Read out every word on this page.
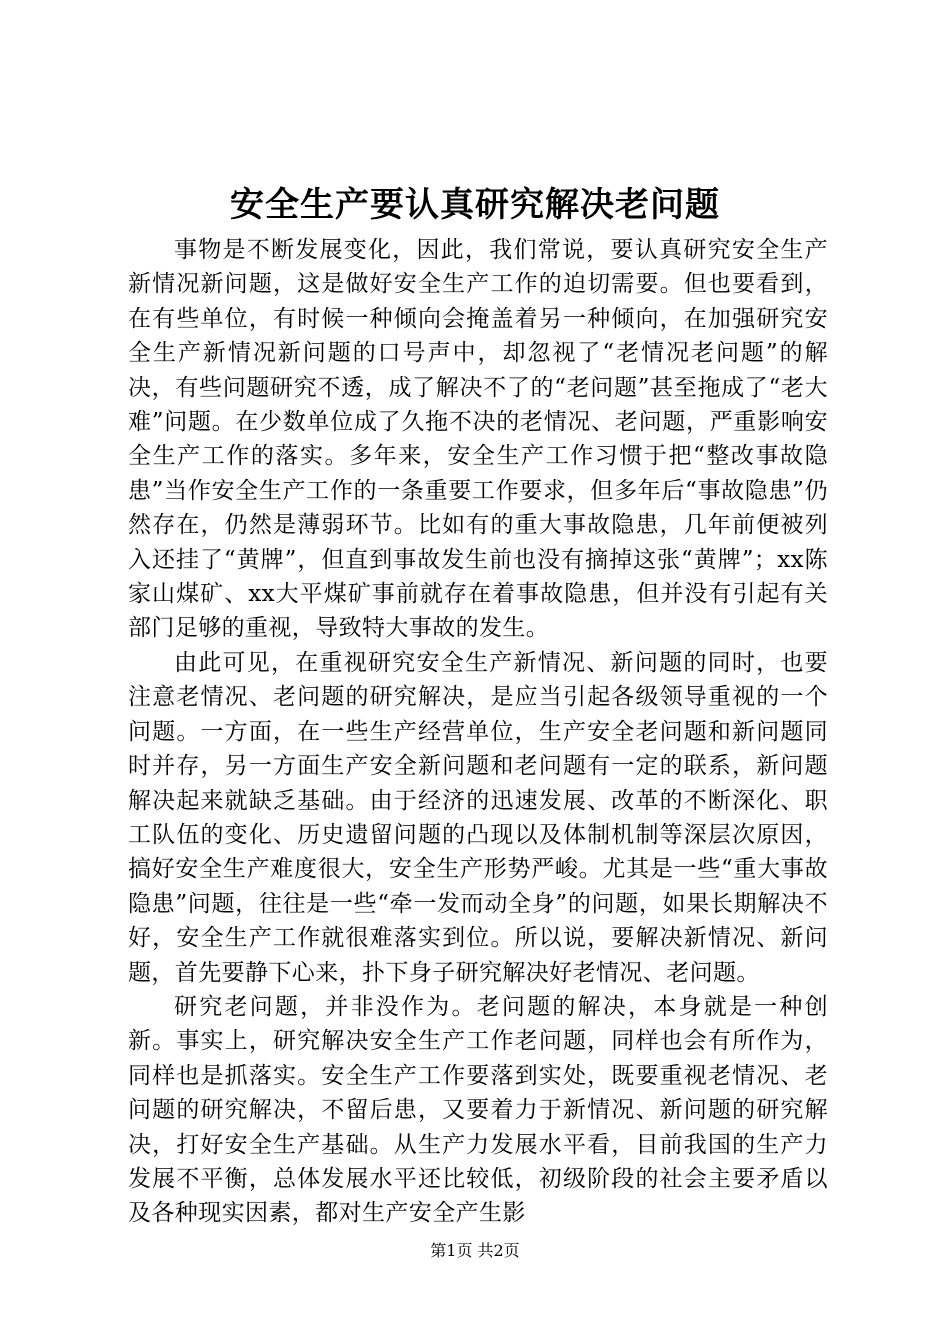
安全生产要认真研究解决老问题

事物是不断发展变化，因此，我们常说，要认真研究安全生产新情况新问题，这是做好安全生产工作的迫切需要。但也要看到，在有些单位，有时候一种倾向会掩盖着另一种倾向，在加强研究安全生产新情况新问题的口号声中，却忽视了“老情况老问题”的解决，有些问题研究不透，成了解决不了的“老问题”甚至拖成了“老大难”问题。在少数单位成了久拖不决的老情况、老问题，严重影响安全生产工作的落实。多年来，安全生产工作习惯于把“整改事故隐患”当作安全生产工作的一条重要工作要求，但多年后“事故隐患”仍然存在，仍然是薄弱环节。比如有的重大事故隐患，几年前便被列入还挂了“黄牌”，但直到事故发生前也没有摘掉这张“黄牌”；xx陈家山煤矿、xx大平煤矿事前就存在着事故隐患，但并没有引起有关部门足够的重视，导致特大事故的发生。

由此可见，在重视研究安全生产新情况、新问题的同时，也要注意老情况、老问题的研究解决，是应当引起各级领导重视的一个问题。一方面，在一些生产经营单位，生产安全老问题和新问题同时并存，另一方面生产安全新问题和老问题有一定的联系，新问题解决起来就缺乏基础。由于经济的迅速发展、改革的不断深化、职工队伍的变化、历史遗留问题的凸现以及体制机制等深层次原因，搞好安全生产难度很大，安全生产形势严峻。尤其是一些“重大事故隐患”问题，往往是一些“牵一发而动全身”的问题，如果长期解决不好，安全生产工作就很难落实到位。所以说，要解决新情况、新问题，首先要静下心来，扑下身子研究解决好老情况、老问题。

研究老问题，并非没作为。老问题的解决，本身就是一种创新。事实上，研究解决安全生产工作老问题，同样也会有所作为，同样也是抓落实。安全生产工作要落到实处，既要重视老情况、老问题的研究解决，不留后患，又要着力于新情况、新问题的研究解决，打好安全生产基础。从生产力发展水平看，目前我国的生产力发展不平衡，总体发展水平还比较低，初级阶段的社会主要矛盾以及各种现实因素，都对生产安全产生影

第1页 共2页
